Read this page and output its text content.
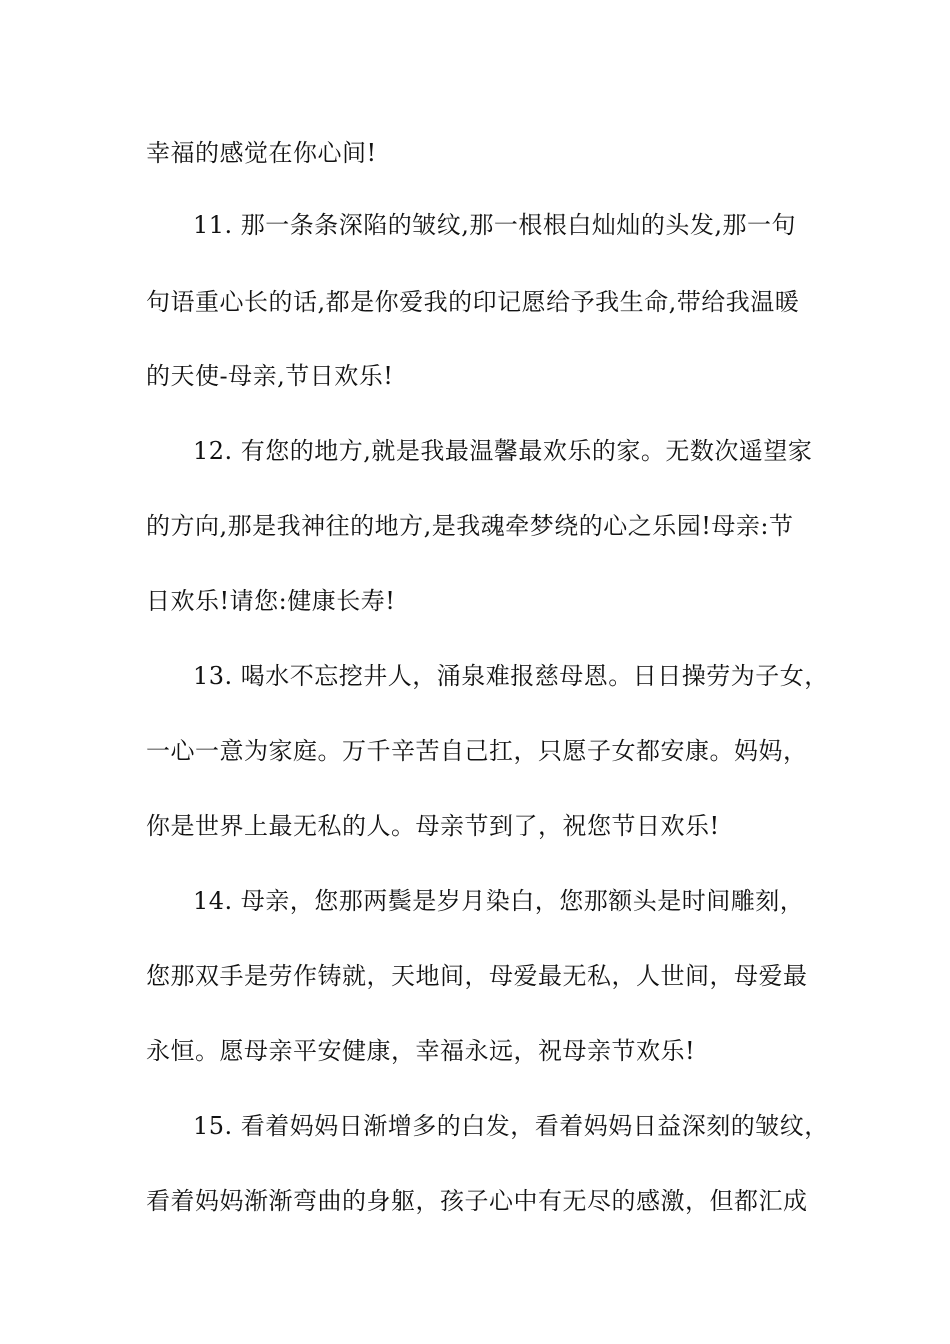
幸福的感觉在你心间!
11. 那一条条深陷的皱纹,那一根根白灿灿的头发,那一句
句语重心长的话,都是你爱我的印记愿给予我生命,带给我温暖
的天使-母亲,节日欢乐!
12. 有您的地方,就是我最温馨最欢乐的家。无数次遥望家
的方向,那是我神往的地方,是我魂牵梦绕的心之乐园!母亲:节
日欢乐!请您:健康长寿!
13. 喝水不忘挖井人，涌泉难报慈母恩。日日操劳为子女，
一心一意为家庭。万千辛苦自己扛，只愿子女都安康。妈妈，
你是世界上最无私的人。母亲节到了，祝您节日欢乐!
14. 母亲，您那两鬓是岁月染白，您那额头是时间雕刻，
您那双手是劳作铸就，天地间，母爱最无私，人世间，母爱最
永恒。愿母亲平安健康，幸福永远，祝母亲节欢乐!
15. 看着妈妈日渐增多的白发，看着妈妈日益深刻的皱纹，
看着妈妈渐渐弯曲的身躯，孩子心中有无尽的感激，但都汇成
